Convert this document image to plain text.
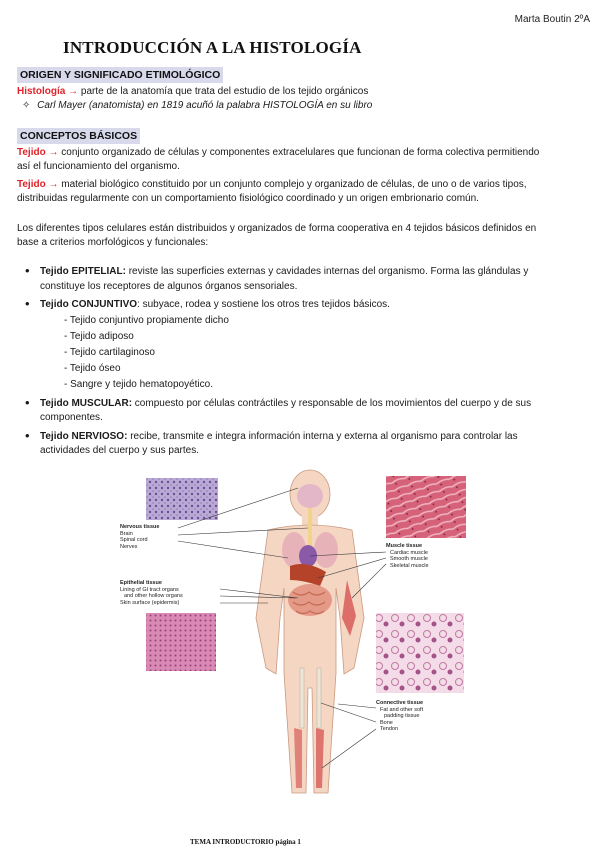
Marta Boutin 2ºA
INTRODUCCIÓN A LA HISTOLOGÍA
ORIGEN Y SIGNIFICADO ETIMOLÓGICO
Histología → parte de la anatomía que trata del estudio de los tejido orgánicos
✧ Carl Mayer (anatomista) en 1819 acuñó la palabra HISTOLOGÍA en su libro
CONCEPTOS BÁSICOS
Tejido → conjunto organizado de células y componentes extracelulares que funcionan de forma colectiva permitiendo
así el funcionamiento del organismo.
Tejido → material biológico constituido por un conjunto complejo y organizado de células, de uno o de varios tipos,
distribuidas regularmente con un comportamiento fisiológico coordinado y un origen embrionario común.
Los diferentes tipos celulares están distribuidos y organizados de forma cooperativa en 4 tejidos básicos definidos en
base a criterios morfológicos y funcionales:
• Tejido EPITELIAL: reviste las superficies externas y cavidades internas del organismo. Forma las glándulas y
constituye los receptores de algunos órganos sensoriales.
• Tejido CONJUNTIVO: subyace, rodea y sostiene los otros tres tejidos básicos.
- Tejido conjuntivo propiamente dicho
- Tejido adiposo
- Tejido cartilaginoso
- Tejido óseo
- Sangre y tejido hematopoyético.
• Tejido MUSCULAR: compuesto por células contráctiles y responsable de los movimientos del cuerpo y de sus
componentes.
• Tejido NERVIOSO: recibe, transmite e integra información interna y externa al organismo para controlar las
actividades del cuerpo y sus partes.
Nervous tissue
Brain
Spinal cord
Nerves
Epithelial tissue
Lining of GI tract organs
and other hollow organs
Skin surface (epidermis)
Muscle tissue
Cardiac muscle
Smooth muscle
Skeletal muscle
Connective tissue
Fat and other soft
padding tissue
Bone
Tendon
TEMA INTRODUCTORIO página 1
